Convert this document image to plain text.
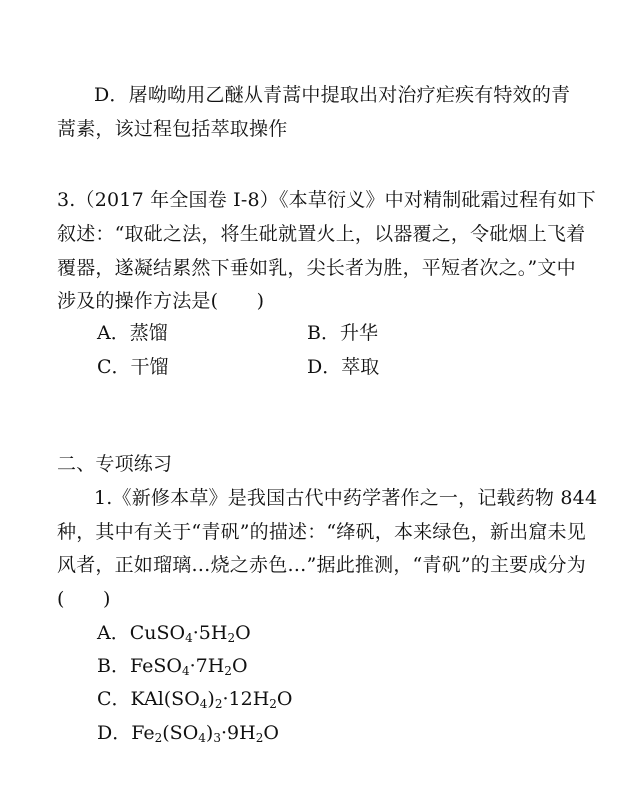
D．屠呦呦用乙醚从青蒿中提取出对治疗疟疾有特效的青
蒿素，该过程包括萃取操作
3.（2017 年全国卷 I-8）《本草衍义》中对精制砒霜过程有如下
叙述：“取砒之法，将生砒就置火上，以器覆之，令砒烟上飞着
覆器，遂凝结累然下垂如乳，尖长者为胜，平短者次之。”文中
涉及的操作方法是(　　)
A．蒸馏	B．升华
C．干馏	D．萃取
二、专项练习
1.《新修本草》是我国古代中药学著作之一，记载药物 844
种，其中有关于“青矾”的描述：“绛矾，本来绿色，新出窟未见
风者，正如瑠璃…烧之赤色…”据此推测，“青矾”的主要成分为
(　　)
A．$CuSO_4\cdot 5H_2O$
B．$FeSO_4\cdot 7H_2O$
C．$KAl(SO_4)_2\cdot 12H_2O$
D．$Fe_2(SO_4)_3\cdot 9H_2O$
